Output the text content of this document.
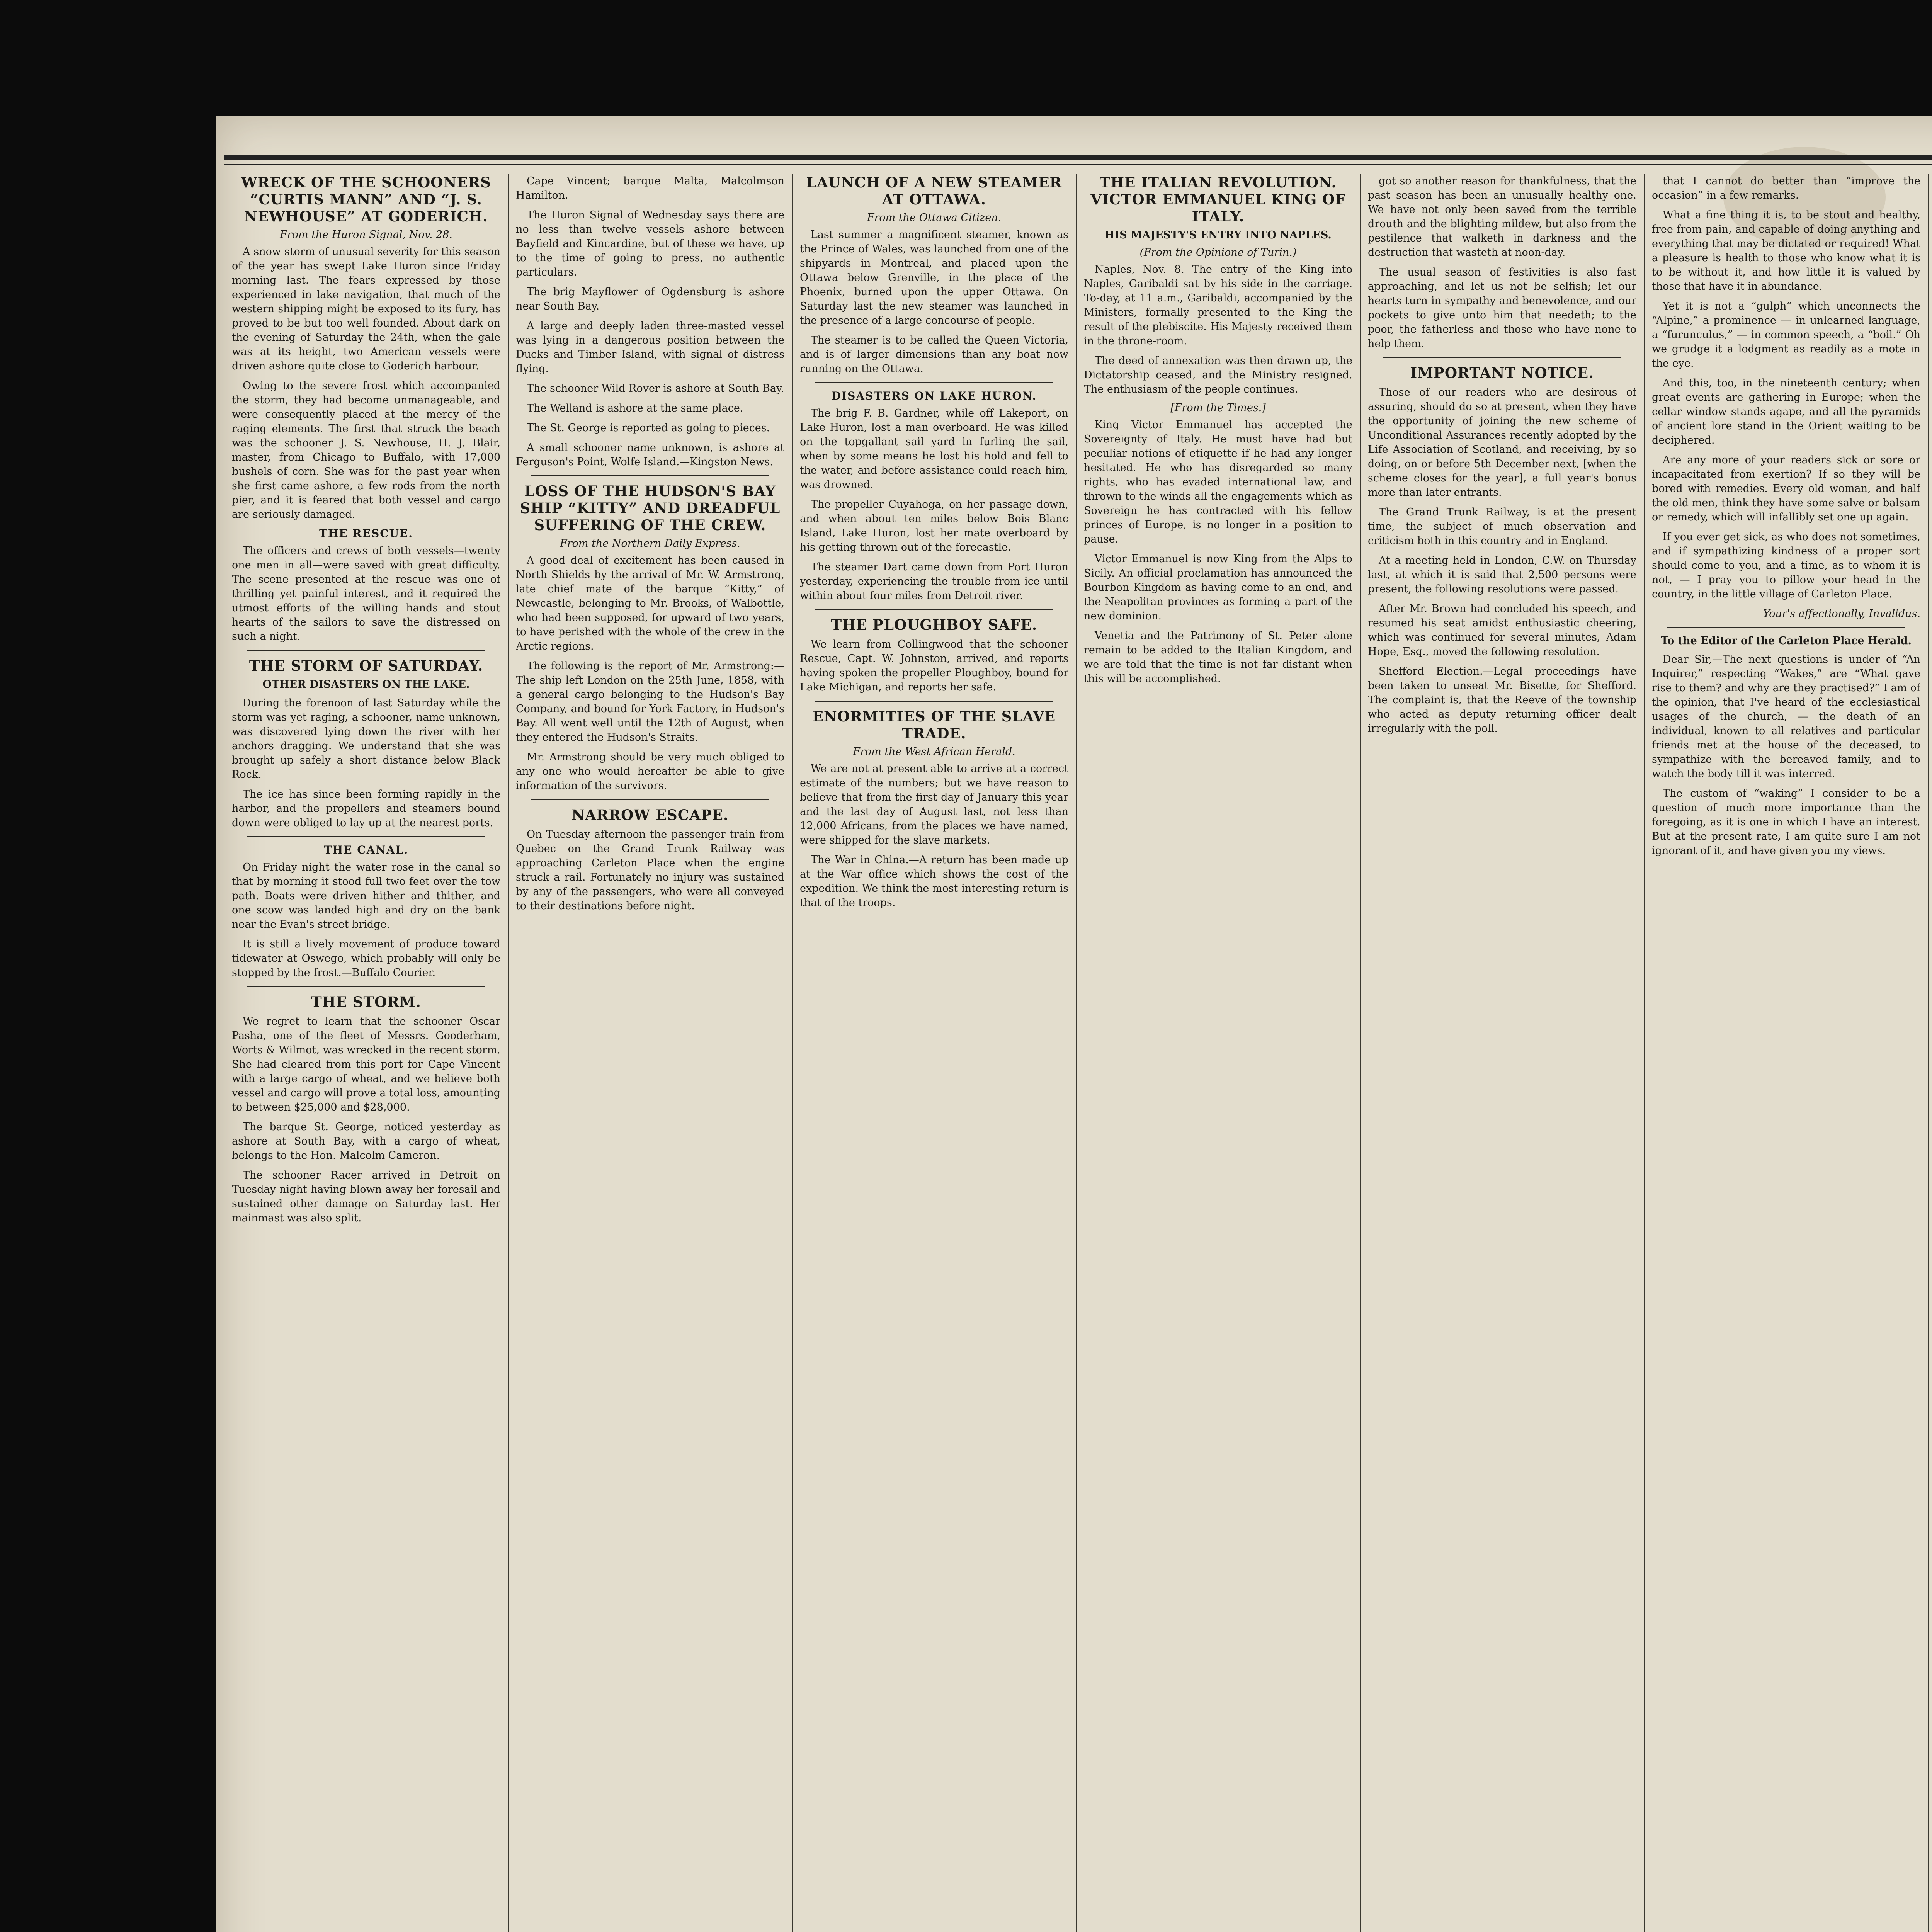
WRECK OF THE SCHOONERS “CURTIS MANN” AND “J. S. NEWHOUSE” AT GODERICH.
From the Huron Signal, Nov. 28.

A snow storm of unusual severity for this season of the year has swept Lake Huron since Friday morning last. The fears expressed by those experienced in lake navigation, that much of the western shipping might be exposed to its fury, has proved to be but too well founded. About dark on the evening of Saturday the 24th, when the gale was at its height, two American vessels were driven ashore quite close to Goderich harbour.

Owing to the severe frost which accompanied the storm, they had become unmanageable, and were consequently placed at the mercy of the raging elements. The first that struck the beach was the schooner J. S. Newhouse, H. J. Blair, master, from Chicago to Buffalo, with 17,000 bushels of corn. She was for the past year when she first came ashore, a few rods from the north pier, and it is feared that both vessel and cargo are seriously damaged.

THE RESCUE.

The officers and crews of both vessels—twenty one men in all—were saved with great difficulty. The scene presented at the rescue was one of thrilling yet painful interest, and it required the utmost efforts of the willing hands and stout hearts of the sailors to save the distressed on such a night.

THE STORM OF SATURDAY.
OTHER DISASTERS ON THE LAKE.

During the forenoon of last Saturday while the storm was yet raging, a schooner, name unknown, was discovered lying down the river with her anchors dragging. We understand that she was brought up safely a short distance below Black Rock.

The ice has since been forming rapidly in the harbor, and the propellers and steamers bound down were obliged to lay up at the nearest ports.

THE CANAL.

On Friday night the water rose in the canal so that by morning it stood full two feet over the tow path. Boats were driven hither and thither, and one scow was landed high and dry on the bank near the Evan's street bridge.

It is still a lively movement of produce toward tidewater at Oswego, which probably will only be stopped by the frost.—Buffalo Courier.

THE STORM.

We regret to learn that the schooner Oscar Pasha, one of the fleet of Messrs. Gooderham, Worts & Wilmot, was wrecked in the recent storm. She had cleared from this port for Cape Vincent with a large cargo of wheat, and we believe both vessel and cargo will prove a total loss, amounting to between $25,000 and $28,000.

The barque St. George, noticed yesterday as ashore at South Bay, with a cargo of wheat, belongs to the Hon. Malcolm Cameron.

The schooner Racer arrived in Detroit on Tuesday night having blown away her foresail and sustained other damage on Saturday last. Her mainmast was also split.

Cape Vincent; barque Malta, Malcolmson Hamilton.

The Huron Signal of Wednesday says there are no less than twelve vessels ashore between Bayfield and Kincardine, but of these we have, up to the time of going to press, no authentic particulars.

The brig Mayflower of Ogdensburg is ashore near South Bay.

A large and deeply laden three-masted vessel was lying in a dangerous position between the Ducks and Timber Island, with signal of distress flying.

The schooner Wild Rover is ashore at South Bay.

The Welland is ashore at the same place.

The St. George is reported as going to pieces.

A small schooner name unknown, is ashore at Ferguson's Point, Wolfe Island.—Kingston News.

LOSS OF THE HUDSON'S BAY SHIP “KITTY” AND DREADFUL SUFFERING OF THE CREW.
From the Northern Daily Express.

A good deal of excitement has been caused in North Shields by the arrival of Mr. W. Armstrong, late chief mate of the barque “Kitty,” of Newcastle, belonging to Mr. Brooks, of Walbottle, who had been supposed, for upward of two years, to have perished with the whole of the crew in the Arctic regions.

The following is the report of Mr. Armstrong:—The ship left London on the 25th June, 1858, with a general cargo belonging to the Hudson's Bay Company, and bound for York Factory, in Hudson's Bay. All went well until the 12th of August, when they entered the Hudson's Straits.

Mr. Armstrong should be very much obliged to any one who would hereafter be able to give information of the survivors.

NARROW ESCAPE.

On Tuesday afternoon the passenger train from Quebec on the Grand Trunk Railway was approaching Carleton Place when the engine struck a rail. Fortunately no injury was sustained by any of the passengers, who were all conveyed to their destinations before night.

LAUNCH OF A NEW STEAMER AT OTTAWA.
From the Ottawa Citizen.

Last summer a magnificent steamer, known as the Prince of Wales, was launched from one of the shipyards in Montreal, and placed upon the Ottawa below Grenville, in the place of the Phoenix, burned upon the upper Ottawa. On Saturday last the new steamer was launched in the presence of a large concourse of people.

The steamer is to be called the Queen Victoria, and is of larger dimensions than any boat now running on the Ottawa.

DISASTERS ON LAKE HURON.

The brig F. B. Gardner, while off Lakeport, on Lake Huron, lost a man overboard. He was killed on the topgallant sail yard in furling the sail, when by some means he lost his hold and fell to the water, and before assistance could reach him, was drowned.

The propeller Cuyahoga, on her passage down, and when about ten miles below Bois Blanc Island, Lake Huron, lost her mate overboard by his getting thrown out of the forecastle.

The steamer Dart came down from Port Huron yesterday, experiencing the trouble from ice until within about four miles from Detroit river.

THE PLOUGHBOY SAFE.

We learn from Collingwood that the schooner Rescue, Capt. W. Johnston, arrived, and reports having spoken the propeller Ploughboy, bound for Lake Michigan, and reports her safe.

ENORMITIES OF THE SLAVE TRADE.
From the West African Herald.

We are not at present able to arrive at a correct estimate of the numbers; but we have reason to believe that from the first day of January this year and the last day of August last, not less than 12,000 Africans, from the places we have named, were shipped for the slave markets.

The War in China.—A return has been made up at the War office which shows the cost of the expedition. We think the most interesting return is that of the troops.

THE ITALIAN REVOLUTION. VICTOR EMMANUEL KING OF ITALY.
HIS MAJESTY'S ENTRY INTO NAPLES.
(From the Opinione of Turin.)

Naples, Nov. 8. The entry of the King into Naples, Garibaldi sat by his side in the carriage. To-day, at 11 a.m., Garibaldi, accompanied by the Ministers, formally presented to the King the result of the plebiscite. His Majesty received them in the throne-room.

The deed of annexation was then drawn up, the Dictatorship ceased, and the Ministry resigned. The enthusiasm of the people continues.

[From the Times.]

King Victor Emmanuel has accepted the Sovereignty of Italy. He must have had but peculiar notions of etiquette if he had any longer hesitated. He who has disregarded so many rights, who has evaded international law, and thrown to the winds all the engagements which as Sovereign he has contracted with his fellow princes of Europe, is no longer in a position to pause.

Victor Emmanuel is now King from the Alps to Sicily. An official proclamation has announced the Bourbon Kingdom as having come to an end, and the Neapolitan provinces as forming a part of the new dominion.

Venetia and the Patrimony of St. Peter alone remain to be added to the Italian Kingdom, and we are told that the time is not far distant when this will be accomplished.

got so another reason for thankfulness, that the past season has been an unusually healthy one. We have not only been saved from the terrible drouth and the blighting mildew, but also from the pestilence that walketh in darkness and the destruction that wasteth at noon-day.

The usual season of festivities is also fast approaching, and let us not be selfish; let our hearts turn in sympathy and benevolence, and our pockets to give unto him that needeth; to the poor, the fatherless and those who have none to help them.

IMPORTANT NOTICE.

Those of our readers who are desirous of assuring, should do so at present, when they have the opportunity of joining the new scheme of Unconditional Assurances recently adopted by the Life Association of Scotland, and receiving, by so doing, on or before 5th December next, [when the scheme closes for the year], a full year's bonus more than later entrants.

The Grand Trunk Railway, is at the present time, the subject of much observation and criticism both in this country and in England.

At a meeting held in London, C.W. on Thursday last, at which it is said that 2,500 persons were present, the following resolutions were passed.

After Mr. Brown had concluded his speech, and resumed his seat amidst enthusiastic cheering, which was continued for several minutes, Adam Hope, Esq., moved the following resolution.

Shefford Election.—Legal proceedings have been taken to unseat Mr. Bisette, for Shefford. The complaint is, that the Reeve of the township who acted as deputy returning officer dealt irregularly with the poll.

that I cannot do better than “improve the occasion” in a few remarks.

What a fine thing it is, to be stout and healthy, free from pain, and capable of doing anything and everything that may be dictated or required! What a pleasure is health to those who know what it is to be without it, and how little it is valued by those that have it in abundance.

Yet it is not a “gulph” which unconnects the “Alpine,” a prominence — in unlearned language, a “furunculus,” — in common speech, a “boil.” Oh we grudge it a lodgment as readily as a mote in the eye.

And this, too, in the nineteenth century; when great events are gathering in Europe; when the cellar window stands agape, and all the pyramids of ancient lore stand in the Orient waiting to be deciphered.

Are any more of your readers sick or sore or incapacitated from exertion? If so they will be bored with remedies. Every old woman, and half the old men, think they have some salve or balsam or remedy, which will infallibly set one up again.

If you ever get sick, as who does not sometimes, and if sympathizing kindness of a proper sort should come to you, and a time, as to whom it is not, — I pray you to pillow your head in the country, in the little village of Carleton Place.

Your's affectionally, Invalidus.

To the Editor of the Carleton Place Herald.

Dear Sir,—The next questions is under of “An Inquirer,” respecting “Wakes,” are “What gave rise to them? and why are they practised?” I am of the opinion, that I've heard of the ecclesiastical usages of the church, — the death of an individual, known to all relatives and particular friends met at the house of the deceased, to sympathize with the bereaved family, and to watch the body till it was interred.

The custom of “waking” I consider to be a question of much more importance than the foregoing, as it is one in which I have an interest. But at the present rate, I am quite sure I am not ignorant of it, and have given you my views.
